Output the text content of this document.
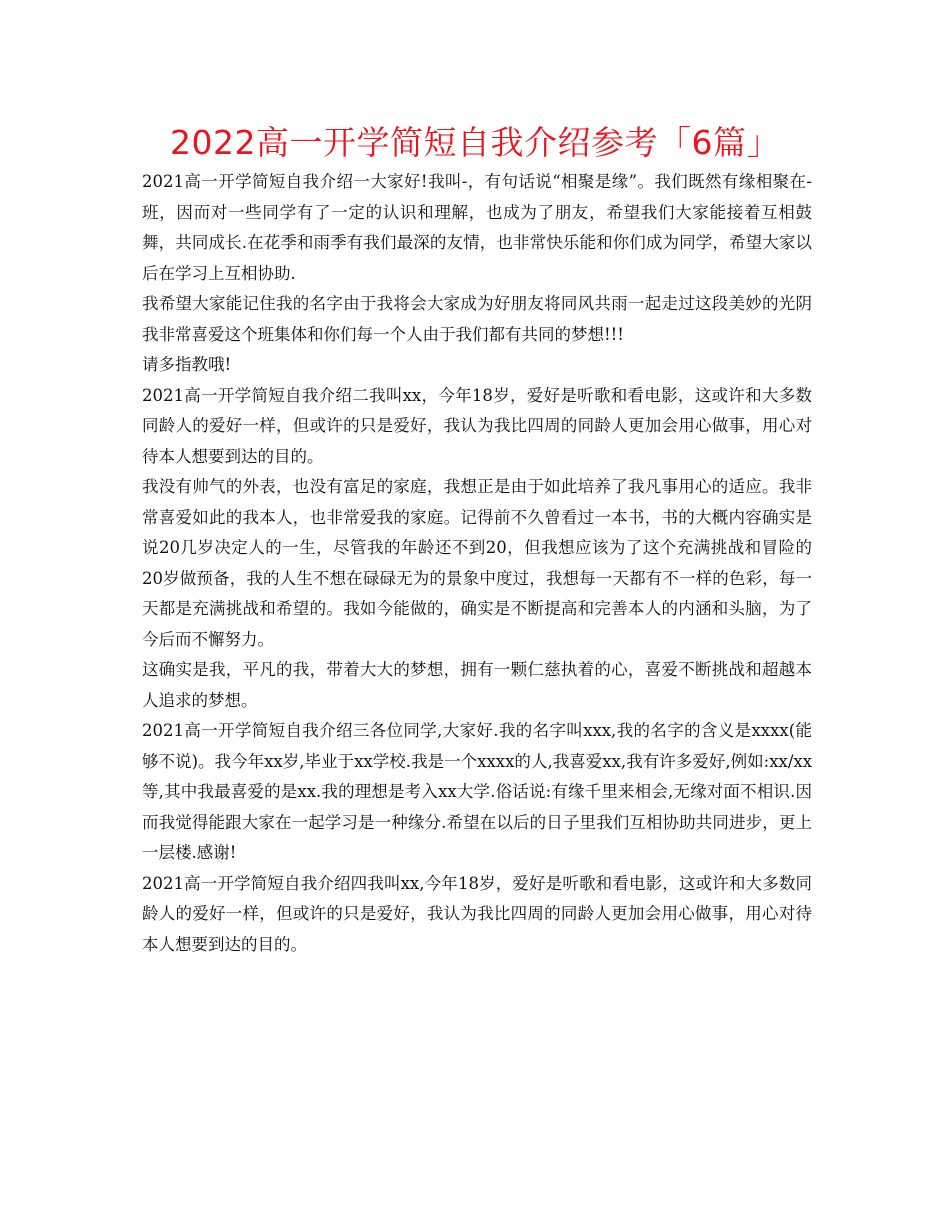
2022高一开学简短自我介绍参考「6篇」

2021高一开学简短自我介绍一大家好!我叫-，有句话说“相聚是缘”。我们既然有缘相聚在-班，因而对一些同学有了一定的认识和理解，也成为了朋友，希望我们大家能接着互相鼓舞，共同成长.在花季和雨季有我们最深的友情，也非常快乐能和你们成为同学，希望大家以后在学习上互相协助.

我希望大家能记住我的名字由于我将会大家成为好朋友将同风共雨一起走过这段美妙的光阴我非常喜爱这个班集体和你们每一个人由于我们都有共同的梦想!!!

请多指教哦!

2021高一开学简短自我介绍二我叫xx，今年18岁，爱好是听歌和看电影，这或许和大多数同龄人的爱好一样，但或许的只是爱好，我认为我比四周的同龄人更加会用心做事，用心对待本人想要到达的目的。

我没有帅气的外表，也没有富足的家庭，我想正是由于如此培养了我凡事用心的适应。我非常喜爱如此的我本人，也非常爱我的家庭。记得前不久曾看过一本书，书的大概内容确实是说20几岁决定人的一生，尽管我的年龄还不到20，但我想应该为了这个充满挑战和冒险的20岁做预备，我的人生不想在碌碌无为的景象中度过，我想每一天都有不一样的色彩，每一天都是充满挑战和希望的。我如今能做的，确实是不断提高和完善本人的内涵和头脑，为了今后而不懈努力。

这确实是我，平凡的我，带着大大的梦想，拥有一颗仁慈执着的心，喜爱不断挑战和超越本人追求的梦想。

2021高一开学简短自我介绍三各位同学,大家好.我的名字叫xxx,我的名字的含义是xxxx(能够不说)。我今年xx岁,毕业于xx学校.我是一个xxxx的人,我喜爱xx,我有许多爱好,例如:xx/xx等,其中我最喜爱的是xx.我的理想是考入xx大学.俗话说:有缘千里来相会,无缘对面不相识.因而我觉得能跟大家在一起学习是一种缘分.希望在以后的日子里我们互相协助共同进步，更上一层楼.感谢!

2021高一开学简短自我介绍四我叫xx,今年18岁，爱好是听歌和看电影，这或许和大多数同龄人的爱好一样，但或许的只是爱好，我认为我比四周的同龄人更加会用心做事，用心对待本人想要到达的目的。
